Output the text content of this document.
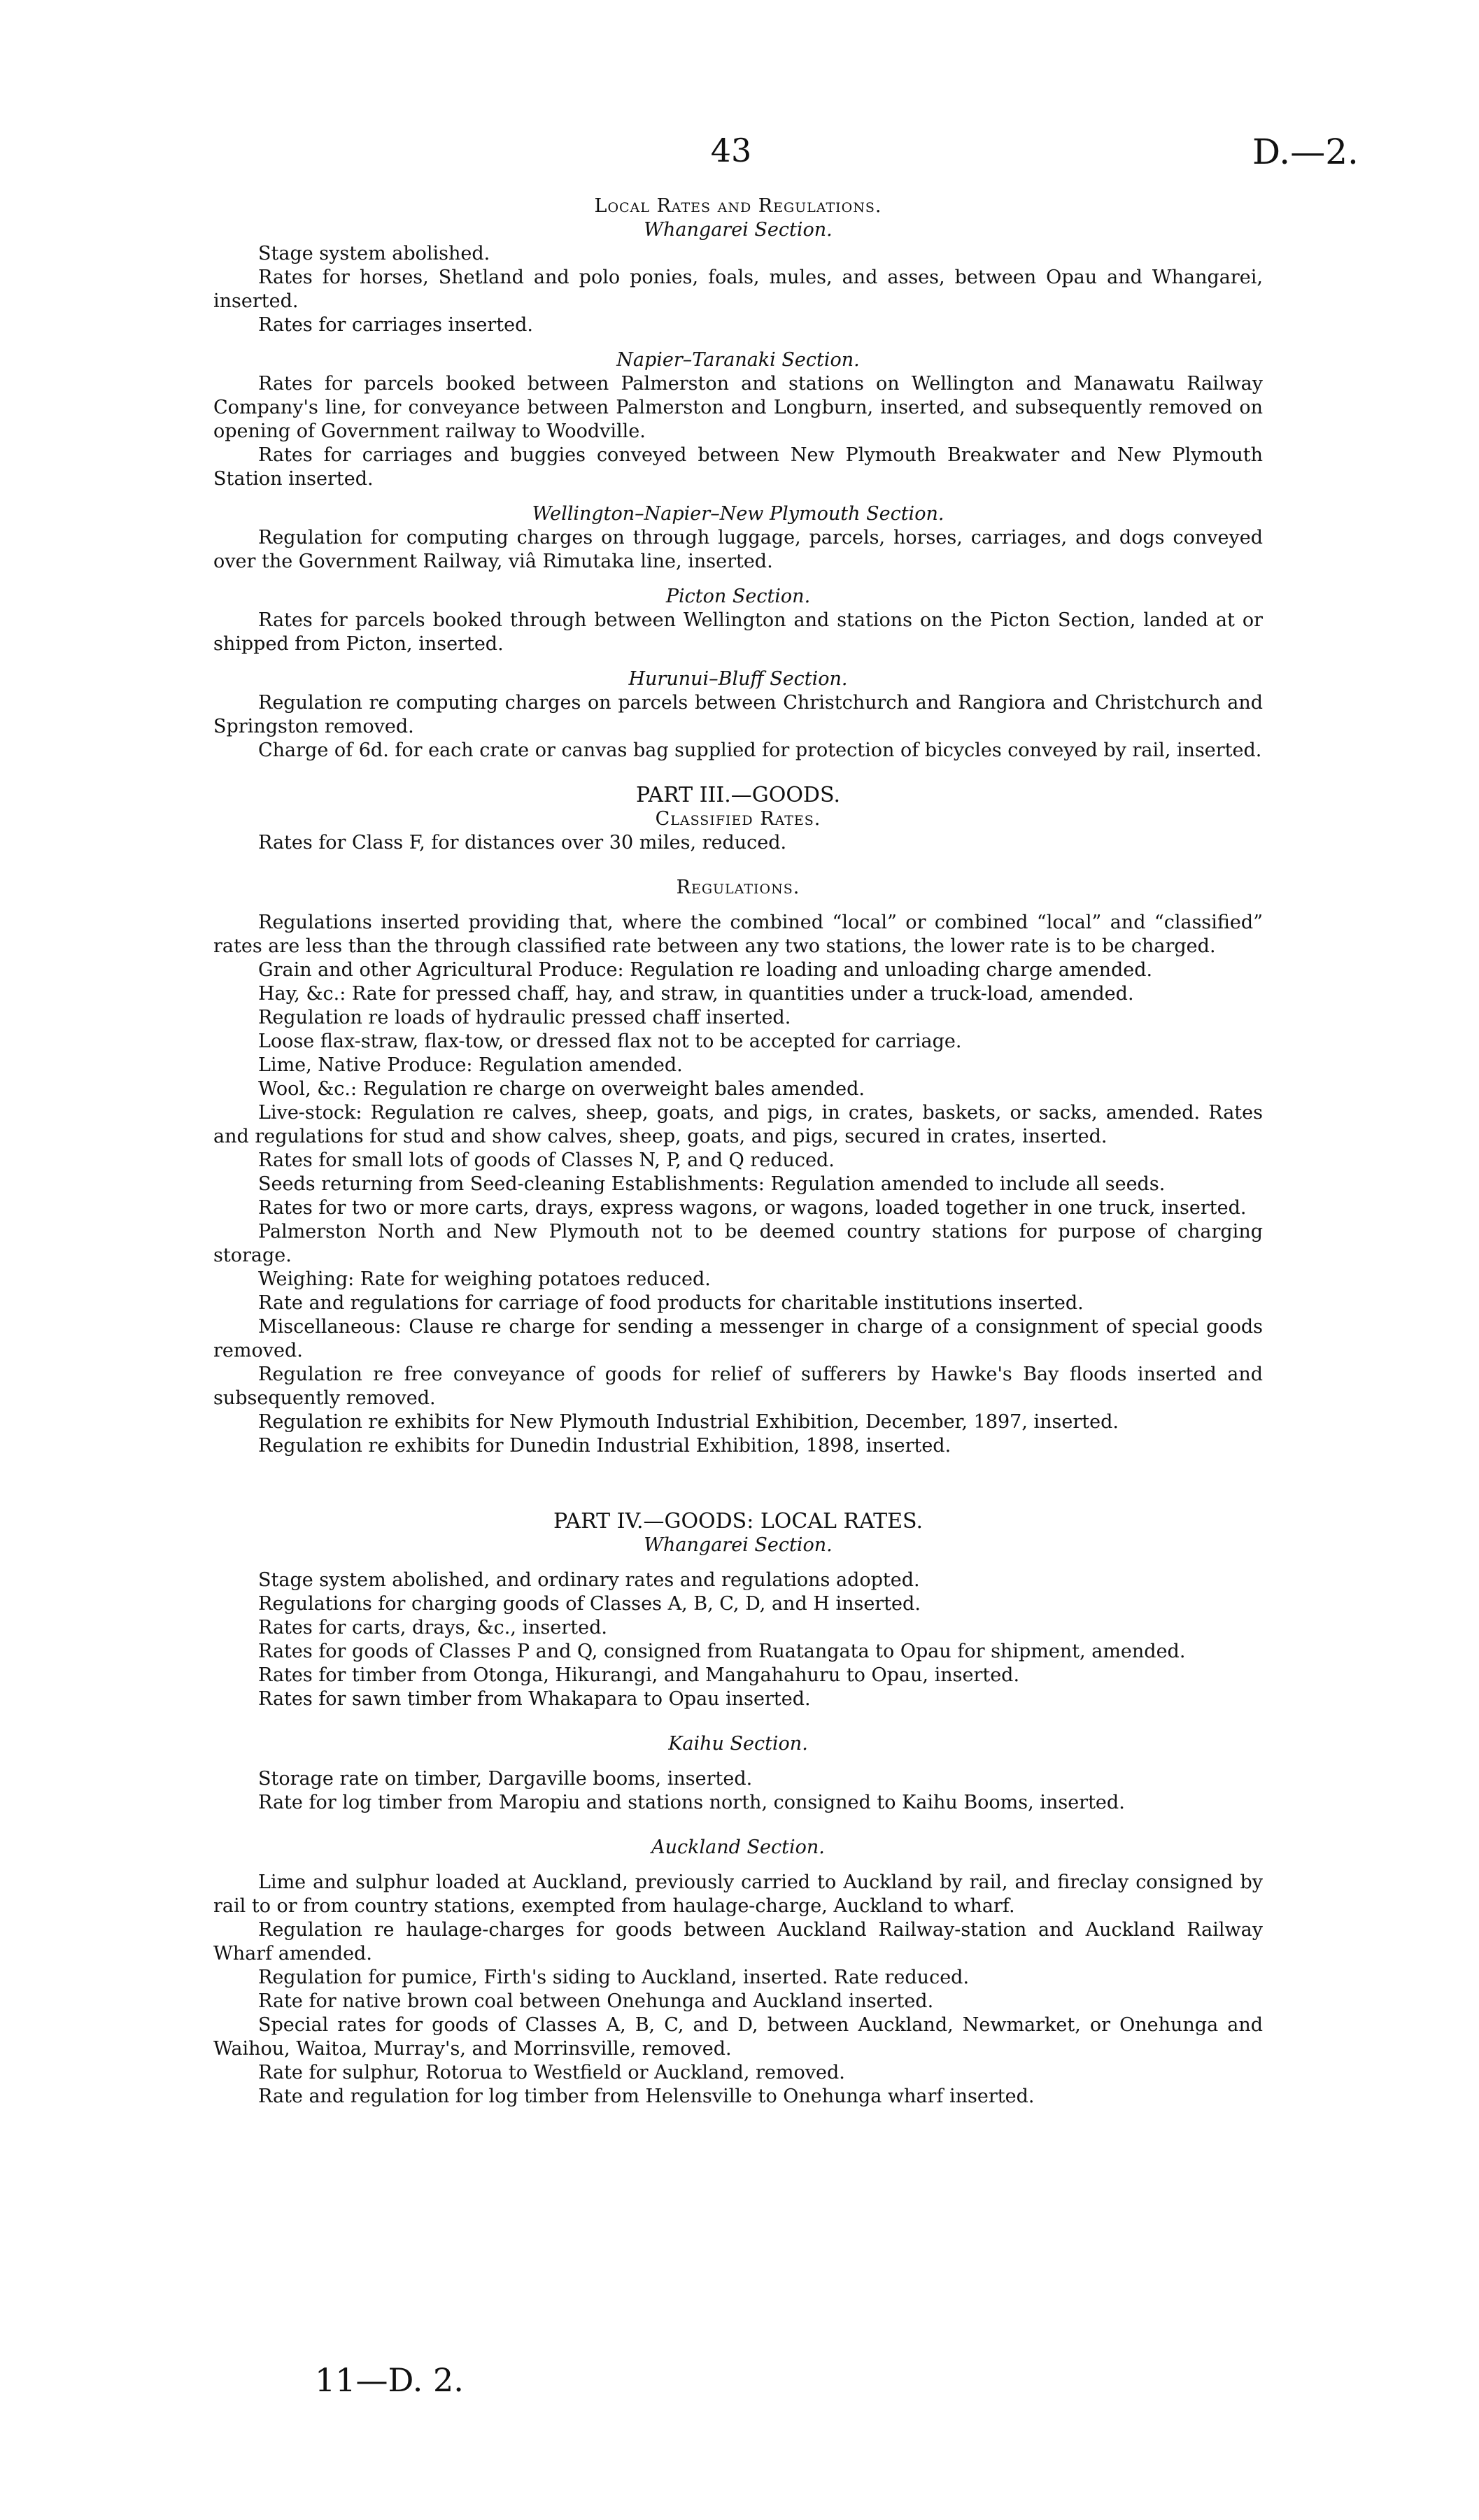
43	D.—2.

Local Rates and Regulations.

Whangarei Section.

Stage system abolished.

Rates for horses, Shetland and polo ponies, foals, mules, and asses, between Opau and Whangarei, inserted.

Rates for carriages inserted.

Napier–Taranaki Section.

Rates for parcels booked between Palmerston and stations on Wellington and Manawatu Railway Company's line, for conveyance between Palmerston and Longburn, inserted, and subsequently removed on opening of Government railway to Woodville.

Rates for carriages and buggies conveyed between New Plymouth Breakwater and New Plymouth Station inserted.

Wellington–Napier–New Plymouth Section.

Regulation for computing charges on through luggage, parcels, horses, carriages, and dogs conveyed over the Government Railway, viâ Rimutaka line, inserted.

Picton Section.

Rates for parcels booked through between Wellington and stations on the Picton Section, landed at or shipped from Picton, inserted.

Hurunui–Bluff Section.

Regulation re computing charges on parcels between Christchurch and Rangiora and Christchurch and Springston removed.

Charge of 6d. for each crate or canvas bag supplied for protection of bicycles conveyed by rail, inserted.

PART III.—GOODS.

Classified Rates.

Rates for Class F, for distances over 30 miles, reduced.

Regulations.

Regulations inserted providing that, where the combined “local” or combined “local” and “classified” rates are less than the through classified rate between any two stations, the lower rate is to be charged.

Grain and other Agricultural Produce: Regulation re loading and unloading charge amended.

Hay, &c.: Rate for pressed chaff, hay, and straw, in quantities under a truck-load, amended.

Regulation re loads of hydraulic pressed chaff inserted.

Loose flax-straw, flax-tow, or dressed flax not to be accepted for carriage.

Lime, Native Produce: Regulation amended.

Wool, &c.: Regulation re charge on overweight bales amended.

Live-stock: Regulation re calves, sheep, goats, and pigs, in crates, baskets, or sacks, amended. Rates and regulations for stud and show calves, sheep, goats, and pigs, secured in crates, inserted.

Rates for small lots of goods of Classes N, P, and Q reduced.

Seeds returning from Seed-cleaning Establishments: Regulation amended to include all seeds.

Rates for two or more carts, drays, express wagons, or wagons, loaded together in one truck, inserted.

Palmerston North and New Plymouth not to be deemed country stations for purpose of charging storage.

Weighing: Rate for weighing potatoes reduced.

Rate and regulations for carriage of food products for charitable institutions inserted.

Miscellaneous: Clause re charge for sending a messenger in charge of a consignment of special goods removed.

Regulation re free conveyance of goods for relief of sufferers by Hawke's Bay floods inserted and subsequently removed.

Regulation re exhibits for New Plymouth Industrial Exhibition, December, 1897, inserted.

Regulation re exhibits for Dunedin Industrial Exhibition, 1898, inserted.

PART IV.—GOODS: LOCAL RATES.

Whangarei Section.

Stage system abolished, and ordinary rates and regulations adopted.

Regulations for charging goods of Classes A, B, C, D, and H inserted.

Rates for carts, drays, &c., inserted.

Rates for goods of Classes P and Q, consigned from Ruatangata to Opau for shipment, amended.

Rates for timber from Otonga, Hikurangi, and Mangahahuru to Opau, inserted.

Rates for sawn timber from Whakapara to Opau inserted.

Kaihu Section.

Storage rate on timber, Dargaville booms, inserted.

Rate for log timber from Maropiu and stations north, consigned to Kaihu Booms, inserted.

Auckland Section.

Lime and sulphur loaded at Auckland, previously carried to Auckland by rail, and fireclay consigned by rail to or from country stations, exempted from haulage-charge, Auckland to wharf.

Regulation re haulage-charges for goods between Auckland Railway-station and Auckland Railway Wharf amended.

Regulation for pumice, Firth's siding to Auckland, inserted. Rate reduced.

Rate for native brown coal between Onehunga and Auckland inserted.

Special rates for goods of Classes A, B, C, and D, between Auckland, Newmarket, or Onehunga and Waihou, Waitoa, Murray's, and Morrinsville, removed.

Rate for sulphur, Rotorua to Westfield or Auckland, removed.

Rate and regulation for log timber from Helensville to Onehunga wharf inserted.

11—D. 2.
